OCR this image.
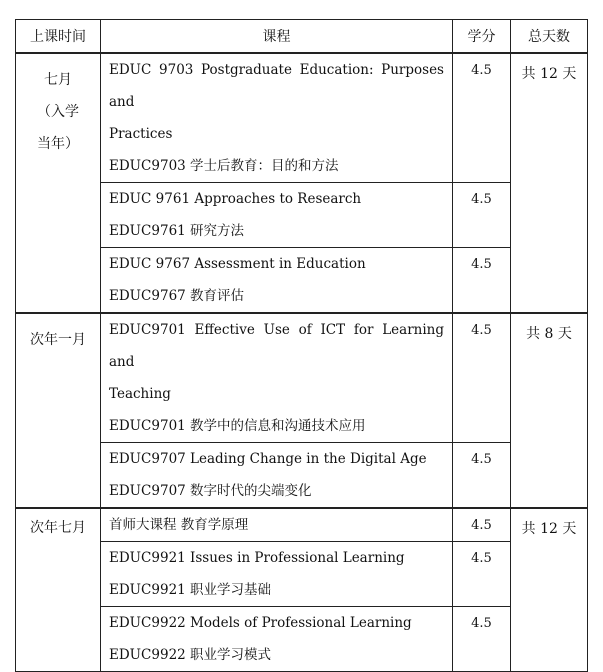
上课时间	课程	学分	总天数

七月
（入学
当年）	EDUC 9703 Postgraduate Education: Purposes and
Practices
EDUC9703 学士后教育：目的和方法	4.5	共 12 天

	EDUC 9761 Approaches to Research
EDUC9761 研究方法	4.5	

	EDUC 9767 Assessment in Education
EDUC9767 教育评估	4.5	

次年一月	EDUC9701 Effective Use of ICT for Learning and
Teaching
EDUC9701 教学中的信息和沟通技术应用	4.5	共 8 天

	EDUC9707 Leading Change in the Digital Age
EDUC9707 数字时代的尖端变化	4.5	

次年七月	首师大课程 教育学原理	4.5	共 12 天

	EDUC9921 Issues in Professional Learning
EDUC9921 职业学习基础	4.5	

	EDUC9922 Models of Professional Learning
EDUC9922 职业学习模式	4.5	
